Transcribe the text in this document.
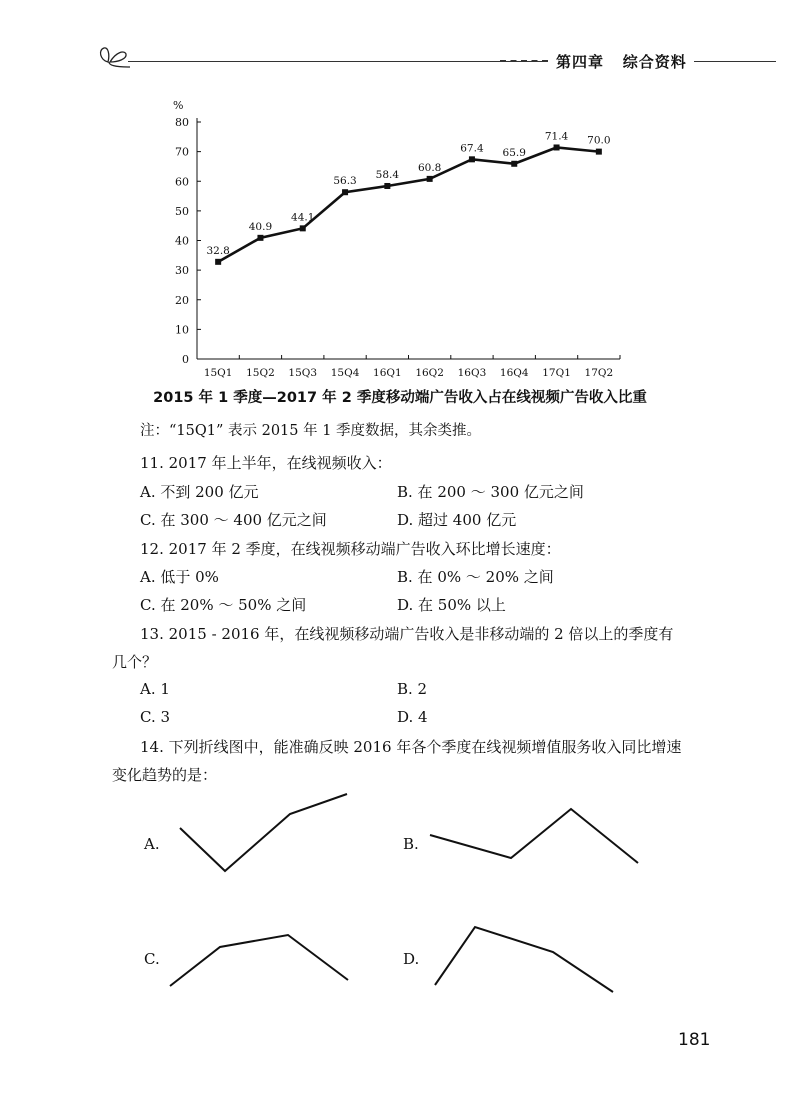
第四章 综合资料
%
0
10
20
30
40
50
60
70
80
15Q1 15Q2 15Q3 15Q4 16Q1 16Q2 16Q3 16Q4 17Q1 17Q2
32.8
40.9
44.1
56.3
58.4
60.8
67.4 65.9
71.4 70.0
2015 年 1 季度—2017 年 2 季度移动端广告收入占在线视频广告收入比重
注：“15Q1” 表示 2015 年 1 季度数据，其余类推。
11. 2017 年上半年，在线视频收入：
A. 不到 200 亿元	B. 在 200 ～ 300 亿元之间
C. 在 300 ～ 400 亿元之间	D. 超过 400 亿元
12. 2017 年 2 季度，在线视频移动端广告收入环比增长速度：
A. 低于 0%	B. 在 0% ～ 20% 之间
C. 在 20% ～ 50% 之间	D. 在 50% 以上
13. 2015 - 2016 年，在线视频移动端广告收入是非移动端的 2 倍以上的季度有
几个？
A. 1	B. 2
C. 3	D. 4
14. 下列折线图中，能准确反映 2016 年各个季度在线视频增值服务收入同比增速
变化趋势的是：
A.	B.
C.	D.
181
